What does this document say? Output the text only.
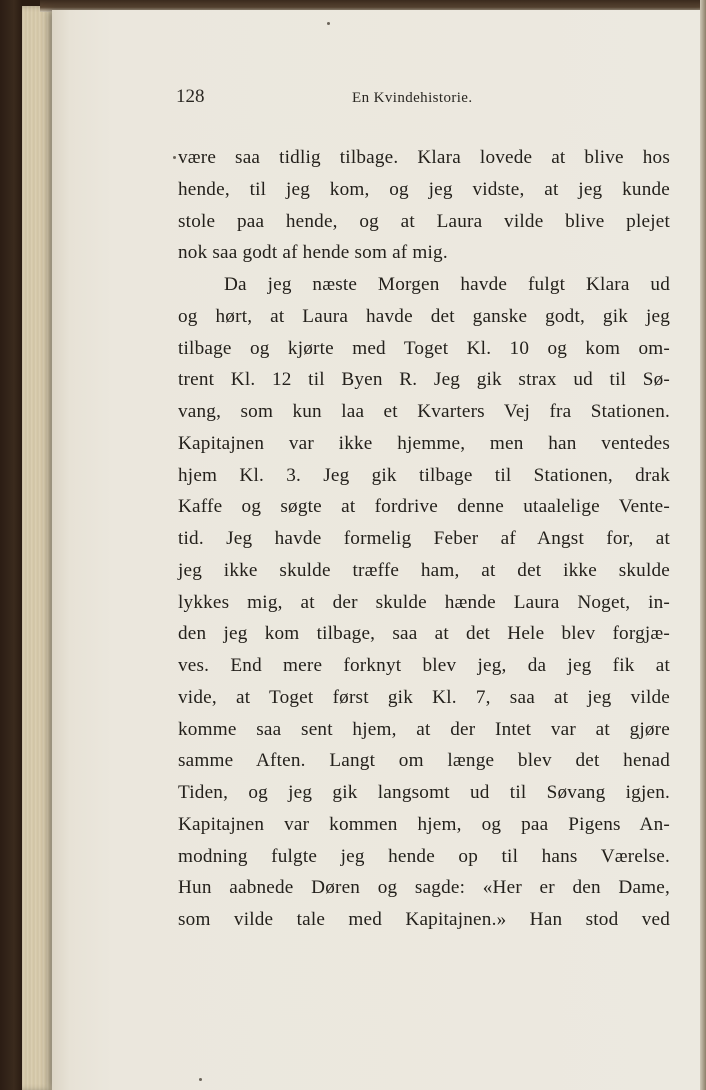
128	En Kvindehistorie.
være saa tidlig tilbage. Klara lovede at blive hos
hende, til jeg kom, og jeg vidste, at jeg kunde
stole paa hende, og at Laura vilde blive plejet
nok saa godt af hende som af mig.
Da jeg næste Morgen havde fulgt Klara ud
og hørt, at Laura havde det ganske godt, gik jeg
tilbage og kjørte med Toget Kl. 10 og kom om-
trent Kl. 12 til Byen R. Jeg gik strax ud til Sø-
vang, som kun laa et Kvarters Vej fra Stationen.
Kapitajnen var ikke hjemme, men han ventedes
hjem Kl. 3. Jeg gik tilbage til Stationen, drak
Kaffe og søgte at fordrive denne utaalelige Vente-
tid. Jeg havde formelig Feber af Angst for, at
jeg ikke skulde træffe ham, at det ikke skulde
lykkes mig, at der skulde hænde Laura Noget, in-
den jeg kom tilbage, saa at det Hele blev forgjæ-
ves. End mere forknyt blev jeg, da jeg fik at
vide, at Toget først gik Kl. 7, saa at jeg vilde
komme saa sent hjem, at der Intet var at gjøre
samme Aften. Langt om længe blev det henad
Tiden, og jeg gik langsomt ud til Søvang igjen.
Kapitajnen var kommen hjem, og paa Pigens An-
modning fulgte jeg hende op til hans Værelse.
Hun aabnede Døren og sagde: «Her er den Dame,
som vilde tale med Kapitajnen.» Han stod ved
